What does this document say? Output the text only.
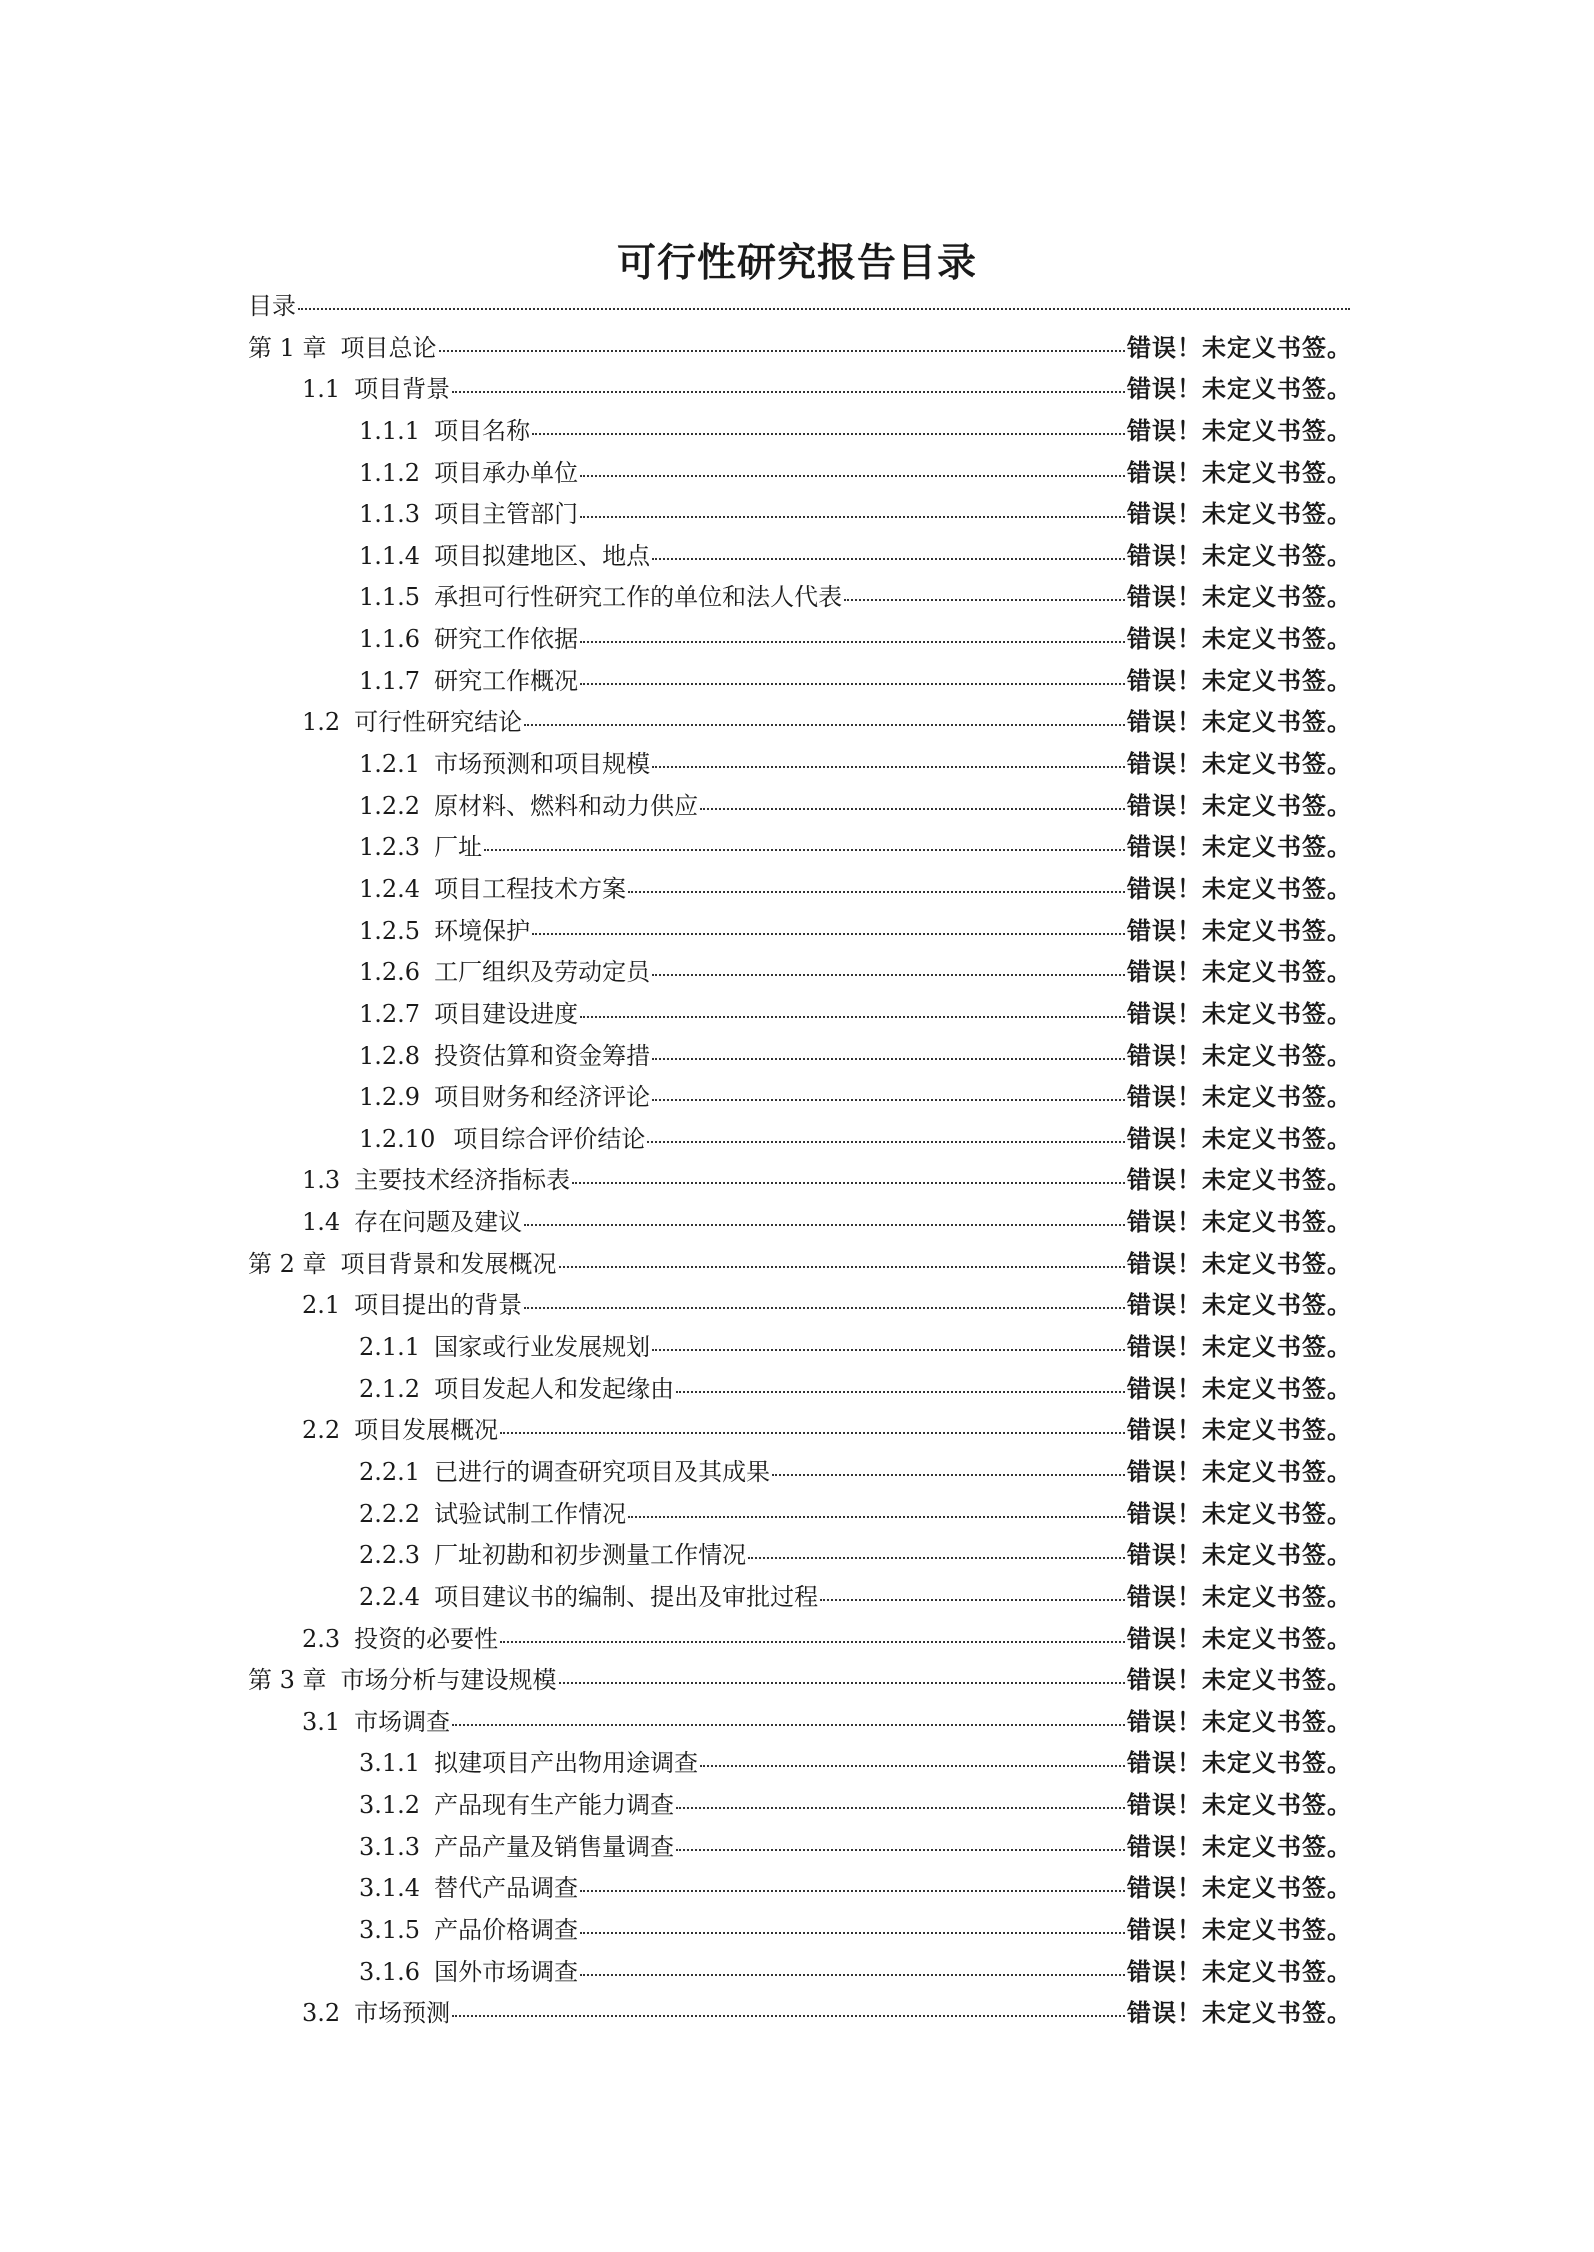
可行性研究报告目录
目录
第 1 章 项目总论	错误！未定义书签。
1.1 项目背景	错误！未定义书签。
1.1.1 项目名称	错误！未定义书签。
1.1.2 项目承办单位	错误！未定义书签。
1.1.3 项目主管部门	错误！未定义书签。
1.1.4 项目拟建地区、地点	错误！未定义书签。
1.1.5 承担可行性研究工作的单位和法人代表	错误！未定义书签。
1.1.6 研究工作依据	错误！未定义书签。
1.1.7 研究工作概况	错误！未定义书签。
1.2 可行性研究结论	错误！未定义书签。
1.2.1 市场预测和项目规模	错误！未定义书签。
1.2.2 原材料、燃料和动力供应	错误！未定义书签。
1.2.3 厂址	错误！未定义书签。
1.2.4 项目工程技术方案	错误！未定义书签。
1.2.5 环境保护	错误！未定义书签。
1.2.6 工厂组织及劳动定员	错误！未定义书签。
1.2.7 项目建设进度	错误！未定义书签。
1.2.8 投资估算和资金筹措	错误！未定义书签。
1.2.9 项目财务和经济评论	错误！未定义书签。
1.2.10 项目综合评价结论	错误！未定义书签。
1.3 主要技术经济指标表	错误！未定义书签。
1.4 存在问题及建议	错误！未定义书签。
第 2 章 项目背景和发展概况	错误！未定义书签。
2.1 项目提出的背景	错误！未定义书签。
2.1.1 国家或行业发展规划	错误！未定义书签。
2.1.2 项目发起人和发起缘由	错误！未定义书签。
2.2 项目发展概况	错误！未定义书签。
2.2.1 已进行的调查研究项目及其成果	错误！未定义书签。
2.2.2 试验试制工作情况	错误！未定义书签。
2.2.3 厂址初勘和初步测量工作情况	错误！未定义书签。
2.2.4 项目建议书的编制、提出及审批过程	错误！未定义书签。
2.3 投资的必要性	错误！未定义书签。
第 3 章 市场分析与建设规模	错误！未定义书签。
3.1 市场调查	错误！未定义书签。
3.1.1 拟建项目产出物用途调查	错误！未定义书签。
3.1.2 产品现有生产能力调查	错误！未定义书签。
3.1.3 产品产量及销售量调查	错误！未定义书签。
3.1.4 替代产品调查	错误！未定义书签。
3.1.5 产品价格调查	错误！未定义书签。
3.1.6 国外市场调查	错误！未定义书签。
3.2 市场预测	错误！未定义书签。
